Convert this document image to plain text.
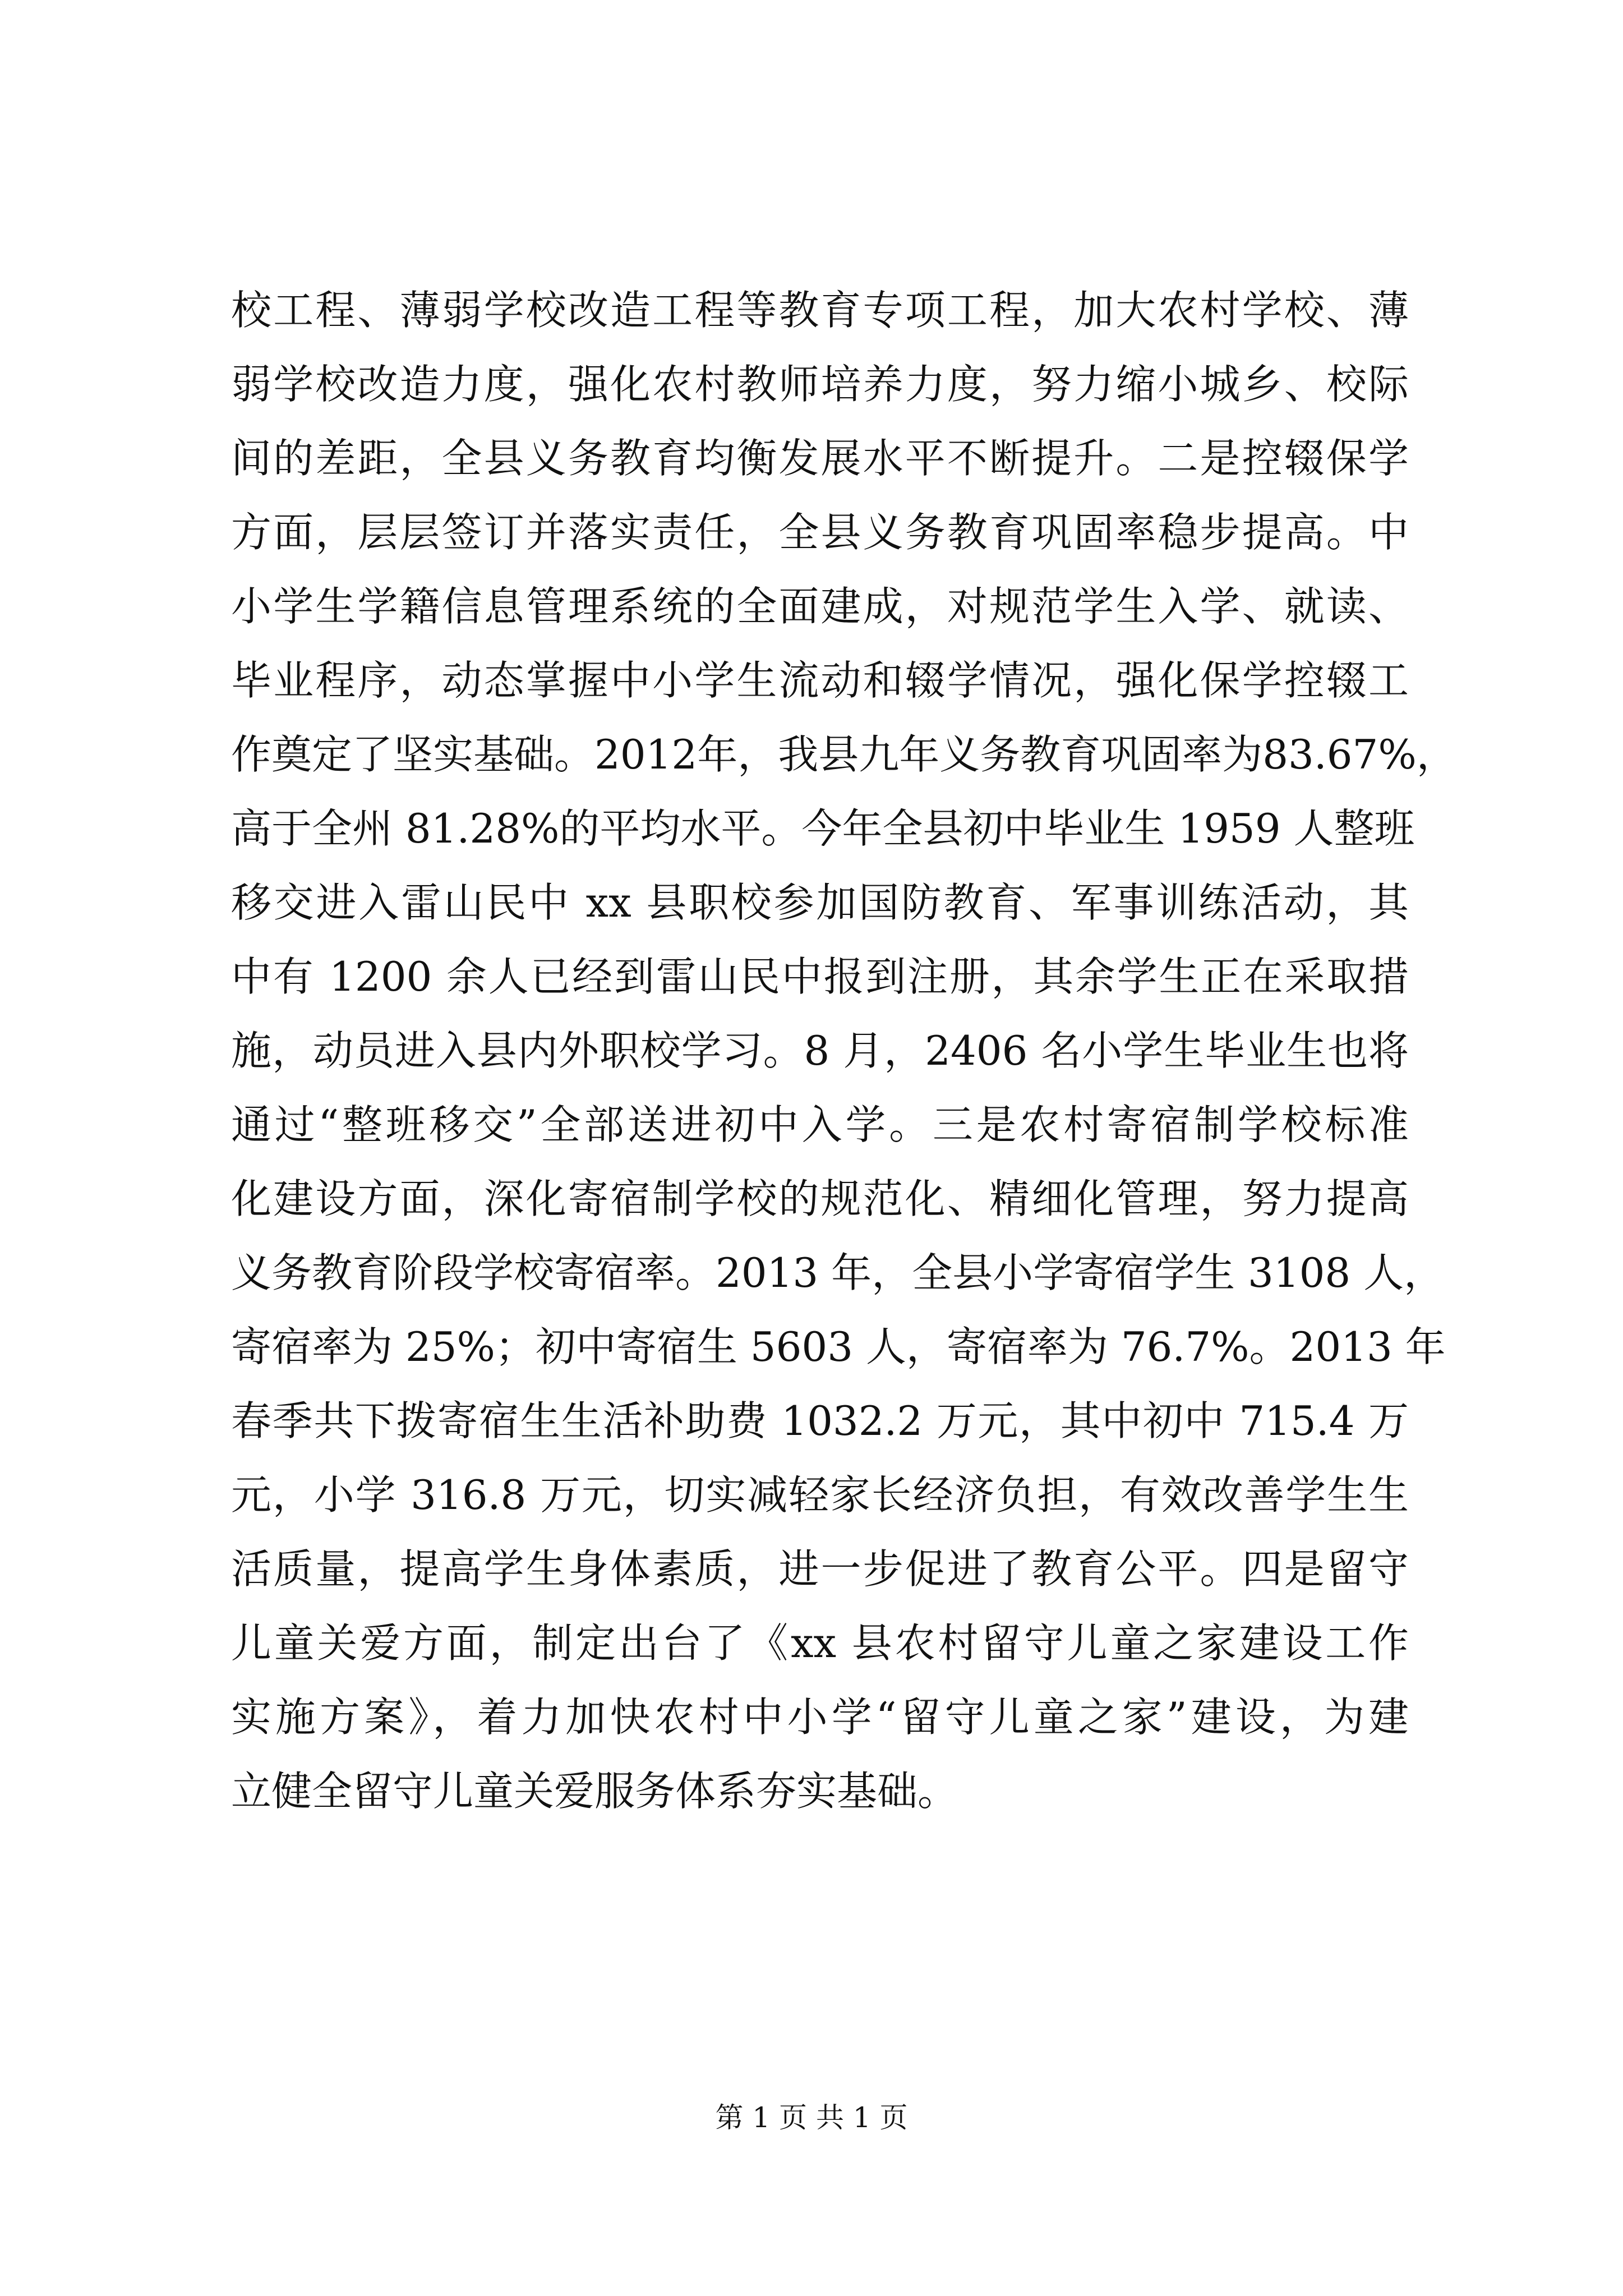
校工程、薄弱学校改造工程等教育专项工程，加大农村学校、薄
弱学校改造力度，强化农村教师培养力度，努力缩小城乡、校际
间的差距，全县义务教育均衡发展水平不断提升。二是控辍保学
方面，层层签订并落实责任，全县义务教育巩固率稳步提高。中
小学生学籍信息管理系统的全面建成，对规范学生入学、就读、
毕业程序，动态掌握中小学生流动和辍学情况，强化保学控辍工
作奠定了坚实基础。2012年，我县九年义务教育巩固率为83.67%，
高于全州 81.28%的平均水平。今年全县初中毕业生 1959 人整班
移交进入雷山民中 xx 县职校参加国防教育、军事训练活动，其
中有 1200 余人已经到雷山民中报到注册，其余学生正在采取措
施，动员进入县内外职校学习。8 月，2406 名小学生毕业生也将
通过“整班移交”全部送进初中入学。三是农村寄宿制学校标准
化建设方面，深化寄宿制学校的规范化、精细化管理，努力提高
义务教育阶段学校寄宿率。2013 年，全县小学寄宿学生 3108 人，
寄宿率为 25%；初中寄宿生 5603 人，寄宿率为 76.7%。2013 年
春季共下拨寄宿生生活补助费 1032.2 万元，其中初中 715.4 万
元，小学 316.8 万元，切实减轻家长经济负担，有效改善学生生
活质量，提高学生身体素质，进一步促进了教育公平。四是留守
儿童关爱方面，制定出台了《xx 县农村留守儿童之家建设工作
实施方案》，着力加快农村中小学“留守儿童之家”建设，为建
立健全留守儿童关爱服务体系夯实基础。
第 1 页 共 1 页
